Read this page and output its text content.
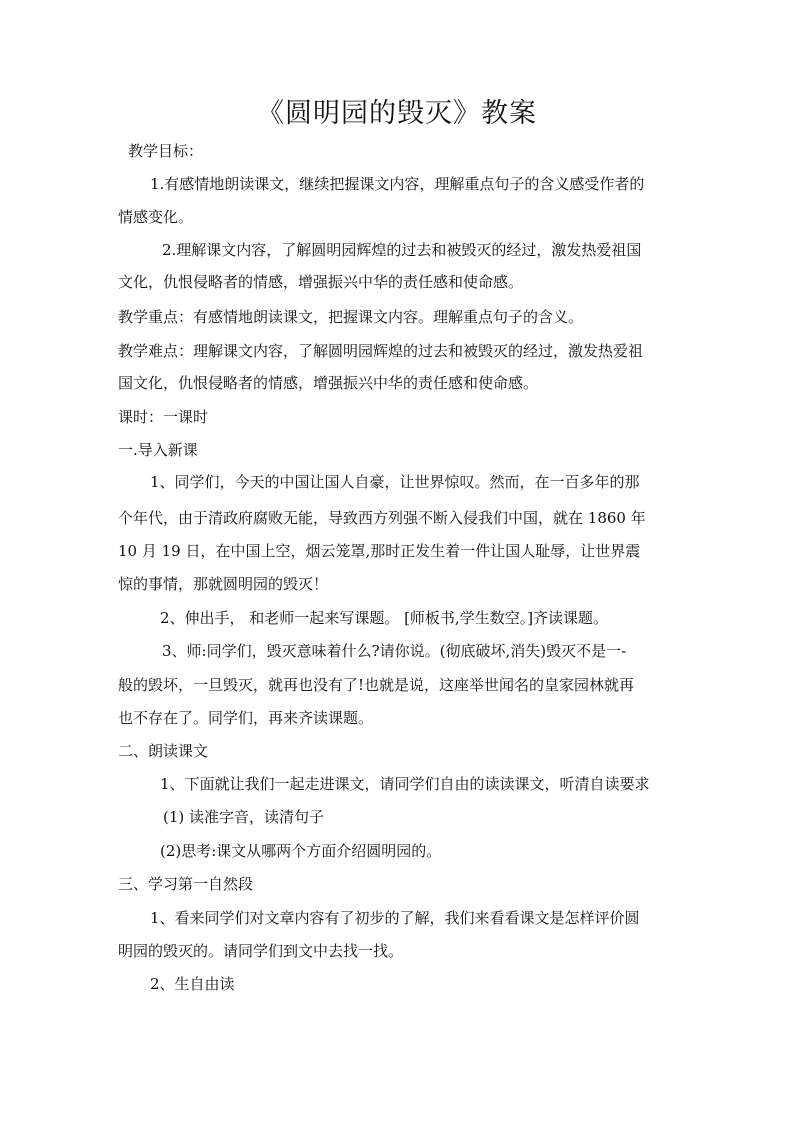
《圆明园的毁灭》教案
教学目标：
1.有感情地朗读课文，继续把握课文内容，理解重点句子的含义感受作者的
情感变化。
2.理解课文内容，了解圆明园辉煌的过去和被毁灭的经过，激发热爱祖国
文化，仇恨侵略者的情感，增强振兴中华的责任感和使命感。
教学重点：有感情地朗读课文，把握课文内容。理解重点句子的含义。
教学难点：理解课文内容，了解圆明园辉煌的过去和被毁灭的经过，激发热爱祖
国文化，仇恨侵略者的情感，增强振兴中华的责任感和使命感。
课时：一课时
一.导入新课
1、同学们，今天的中国让国人自豪，让世界惊叹。然而，在一百多年的那
个年代，由于清政府腐败无能，导致西方列强不断入侵我们中国，就在 1860 年
10 月 19 日，在中国上空，烟云笼罩,那时正发生着一件让国人耻辱，让世界震
惊的事情，那就圆明园的毁灭！
2、伸出手， 和老师一起来写课题。 [师板书,学生数空。]齐读课题。
3、师:同学们，毁灭意味着什么?请你说。(彻底破坏,消失)毁灭不是一-
般的毁坏，一旦毁灭，就再也没有了!也就是说，这座举世闻名的皇家园林就再
也不存在了。同学们，再来齐读课题。
二、朗读课文
1、下面就让我们一起走进课文，请同学们自由的读读课文，听清自读要求
(1) 读准字音，读清句子
(2)思考:课文从哪两个方面介绍圆明园的。
三、学习第一自然段
1、看来同学们对文章内容有了初步的了解，我们来看看课文是怎样评价圆
明园的毁灭的。请同学们到文中去找一找。
2、生自由读
